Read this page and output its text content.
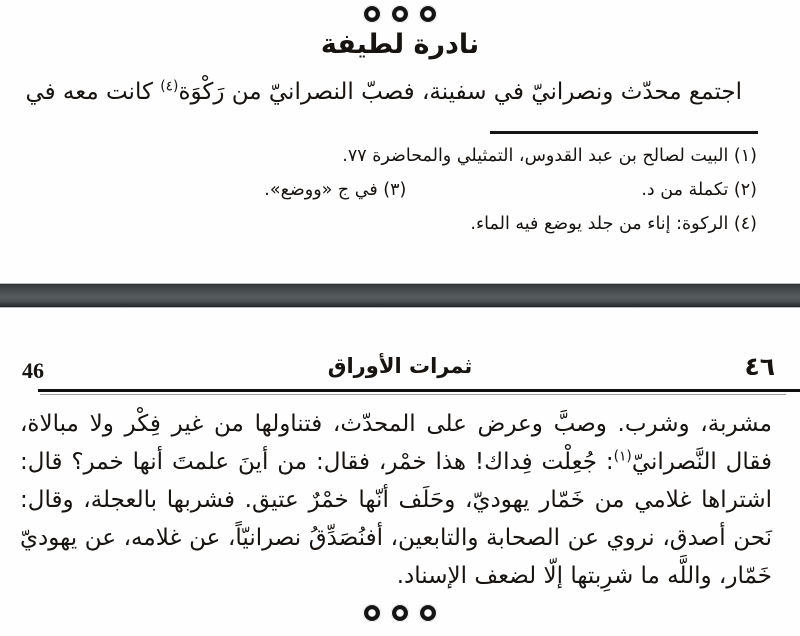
نادرة لطيفة
اجتمع محدّث ونصرانيّ في سفينة، فصبّ النصرانيّ من رَكْوَة$^{(٤)}$ كانت معه في
(١) البيت لصالح بن عبد القدوس، التمثيلي والمحاضرة ٧٧.
(٢) تكملة من د.(٣) في ج «ووضع».
(٤) الركوة: إناء من جلد يوضع فيه الماء.
46	ثمرات الأوراق	٤٦
مشربة، وشرب. وصبَّ وعرض على المحدّث، فتناولها من غير فِكْر ولا مبالاة،
فقال النَّصرانيّ$^{(١)}$: جُعِلْت فِداك! هذا خمْر، فقال: من أينَ علمتَ أنها خمر؟ قال:
اشتراها غلامي من خَمّار يهوديّ، وحَلَف أنّها خمْرٌ عتيق. فشربها بالعجلة، وقال:
نَحن أصدق، نروي عن الصحابة والتابعين، أفنُصَدِّقُ نصرانيّاً، عن غلامه، عن يهوديّ
خَمّار، واللَّه ما شرِبتها إلّا لضعف الإسناد.
